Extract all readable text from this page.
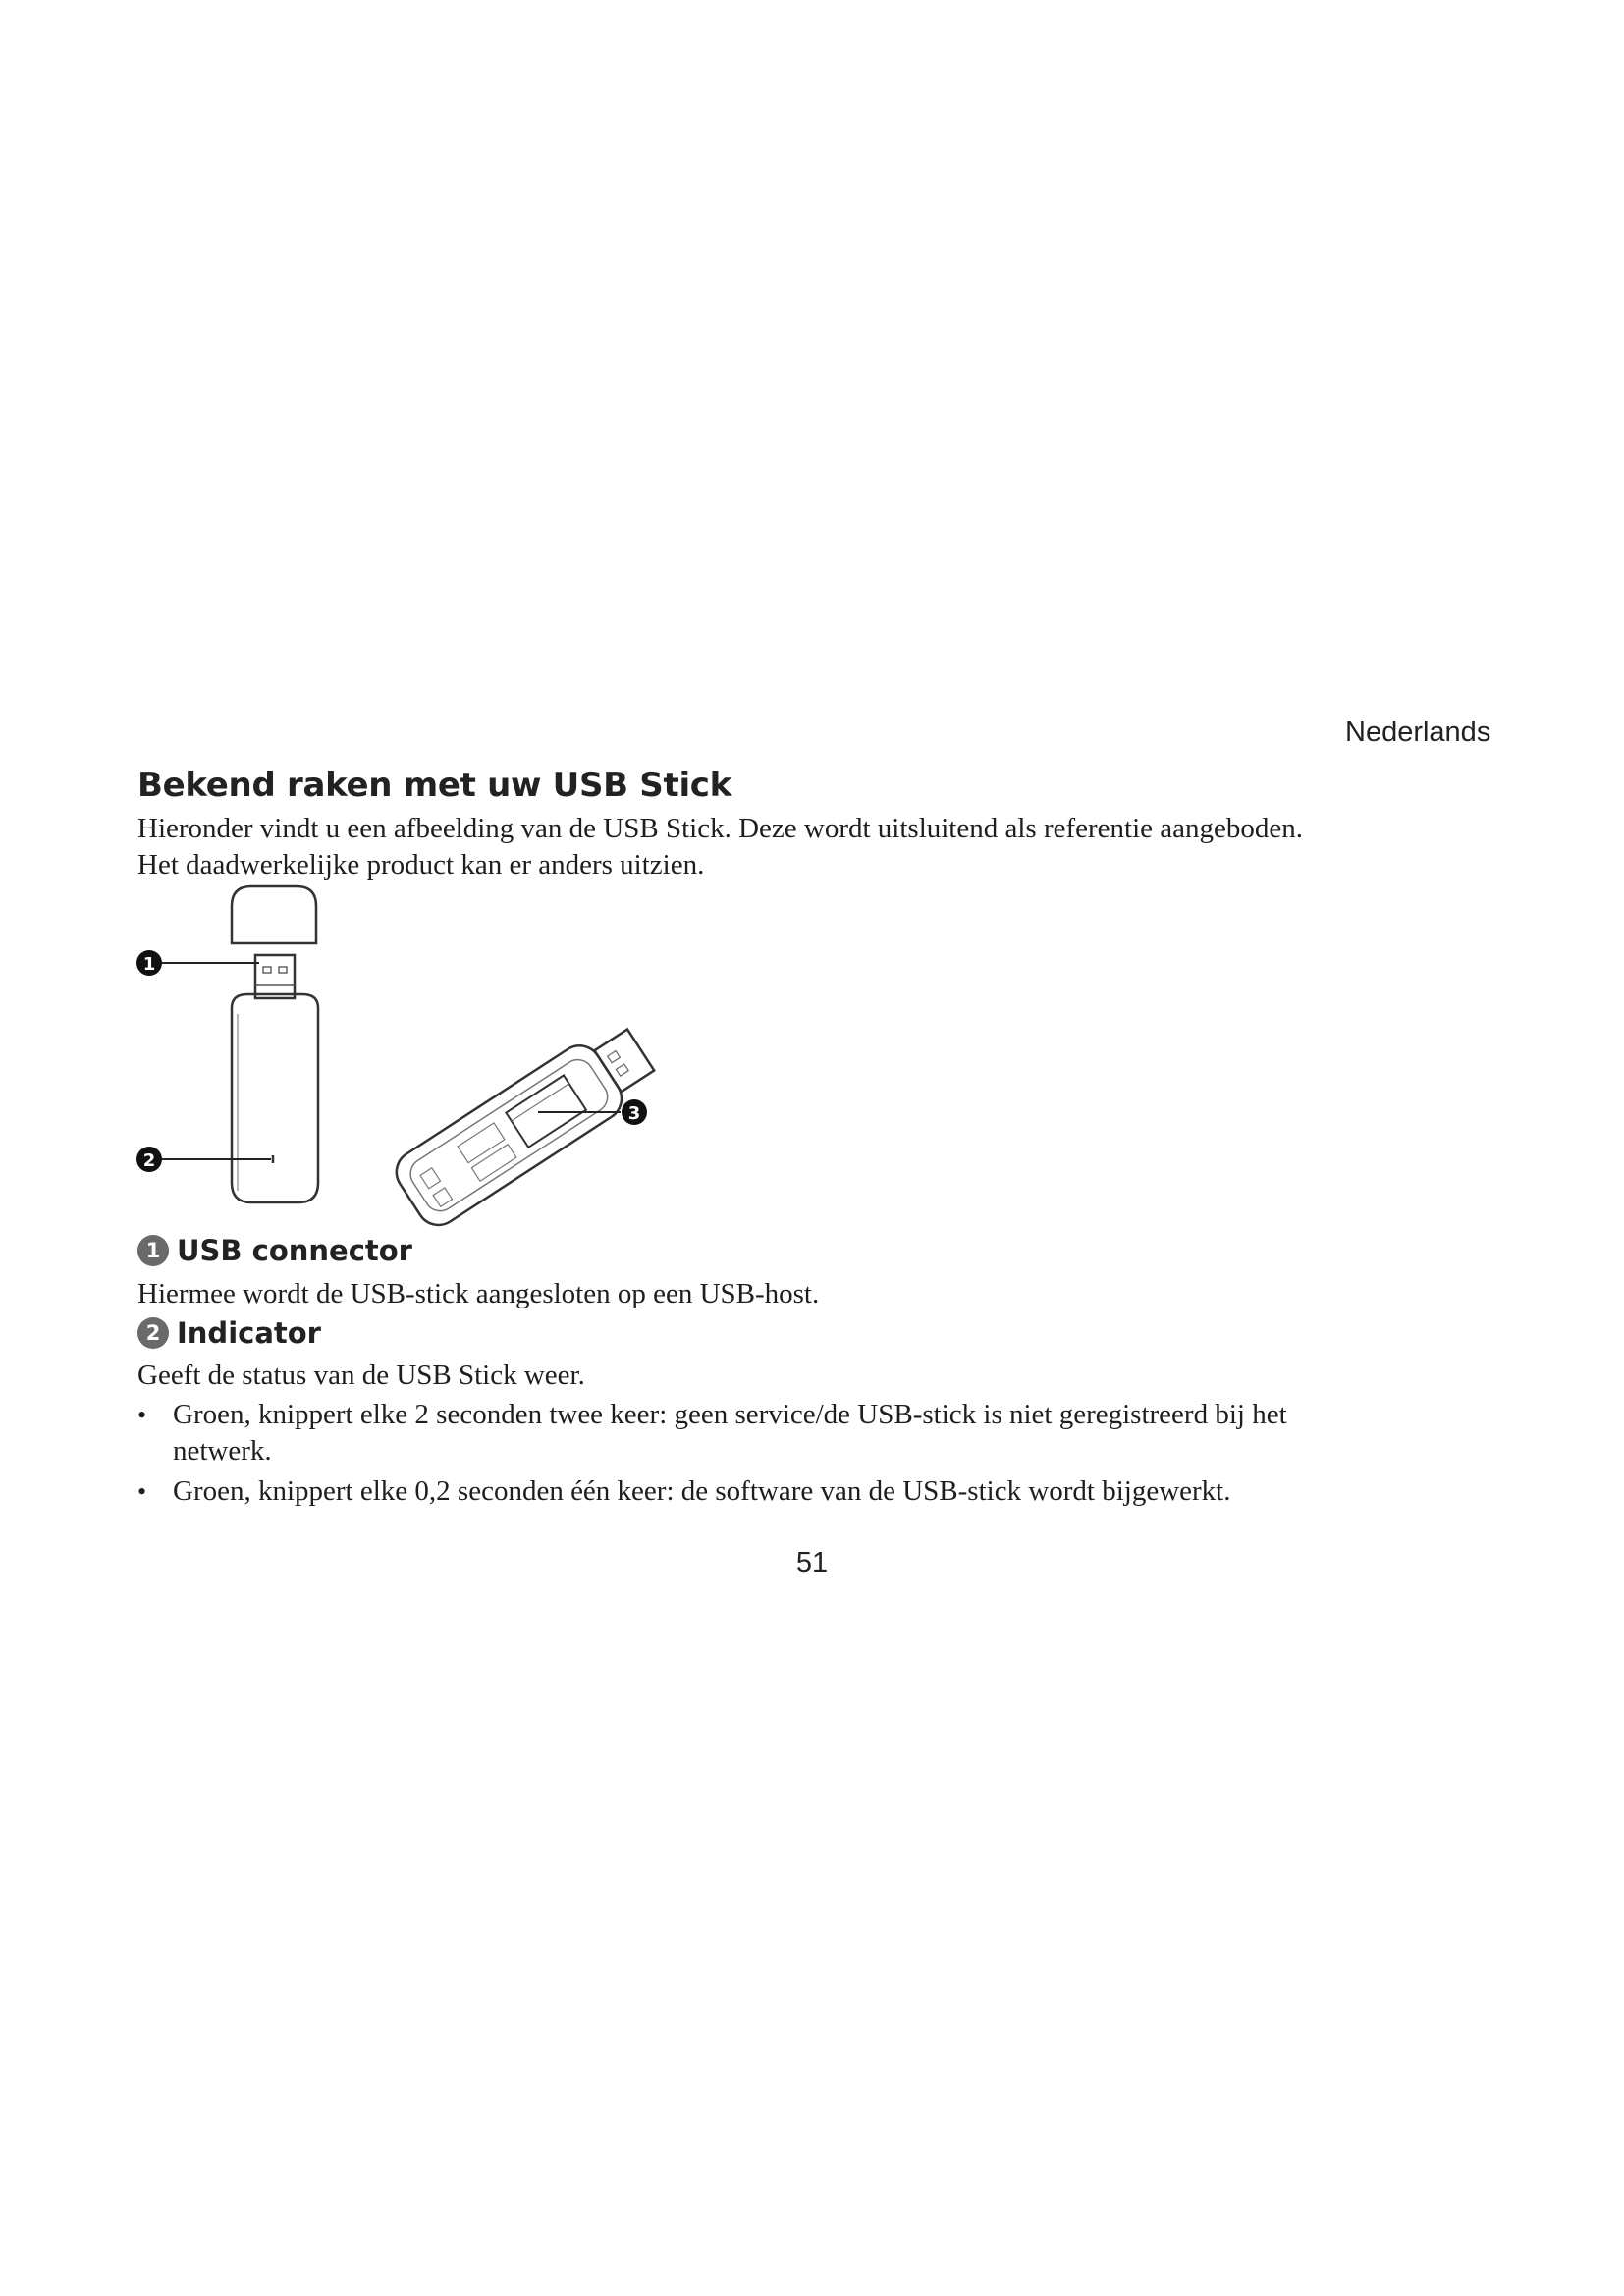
Nederlands
Bekend raken met uw USB Stick

Hieronder vindt u een afbeelding van de USB Stick. Deze wordt uitsluitend als referentie aangeboden. Het daadwerkelijke product kan er anders uitzien.

1
2
3
1 USB connector

Hiermee wordt de USB-stick aangesloten op een USB-host.

2 Indicator

Geeft de status van de USB Stick weer.

• Groen, knippert elke 2 seconden twee keer: geen service/de USB-stick is niet geregistreerd bij het netwerk.
• Groen, knippert elke 0,2 seconden één keer: de software van de USB-stick wordt bijgewerkt.
51
